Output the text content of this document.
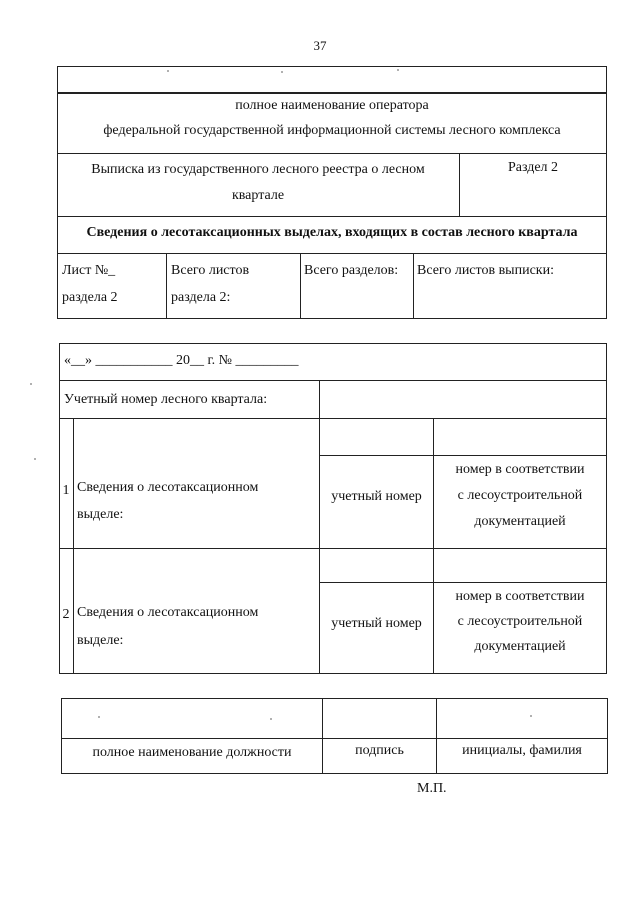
37
полное наименование оператора
федеральной государственной информационной системы лесного комплекса
Выписка из государственного лесного реестра о лесном
квартале
Раздел 2
Сведения о лесотаксационных выделах, входящих в состав лесного квартала
Лист №_
раздела 2
Всего листов
раздела 2:
Всего разделов: Всего листов выписки:
«__» ___________ 20__ г. № _________
Учетный номер лесного квартала:
1 Сведения о лесотаксационном
выделе:
учетный номер
номер в соответствии
с лесоустроительной
документацией
2 Сведения о лесотаксационном
выделе:
учетный номер
номер в соответствии
с лесоустроительной
документацией
полное наименование должности	подпись	инициалы, фамилия
М.П.
